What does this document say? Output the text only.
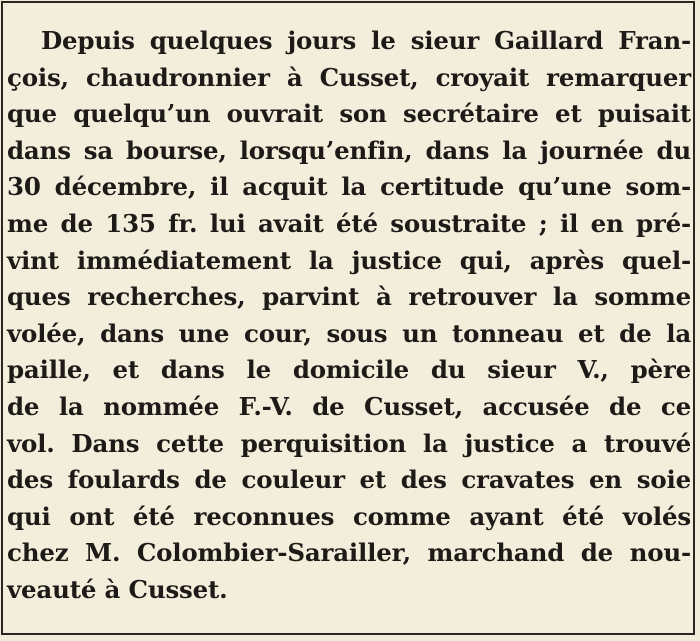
Depuis quelques jours le sieur Gaillard Fran-
çois, chaudronnier à Cusset, croyait remarquer
que quelqu’un ouvrait son secrétaire et puisait
dans sa bourse, lorsqu’enfin, dans la journée du
30 décembre, il acquit la certitude qu’une som-
me de 135 fr. lui avait été soustraite ; il en pré-
vint immédiatement la justice qui, après quel-
ques recherches, parvint à retrouver la somme
volée, dans une cour, sous un tonneau et de la
paille, et dans le domicile du sieur V., père
de la nommée F.-V. de Cusset, accusée de ce
vol. Dans cette perquisition la justice a trouvé
des foulards de couleur et des cravates en soie
qui ont été reconnues comme ayant été volés
chez M. Colombier-Sarailler, marchand de nou-
veauté à Cusset.
